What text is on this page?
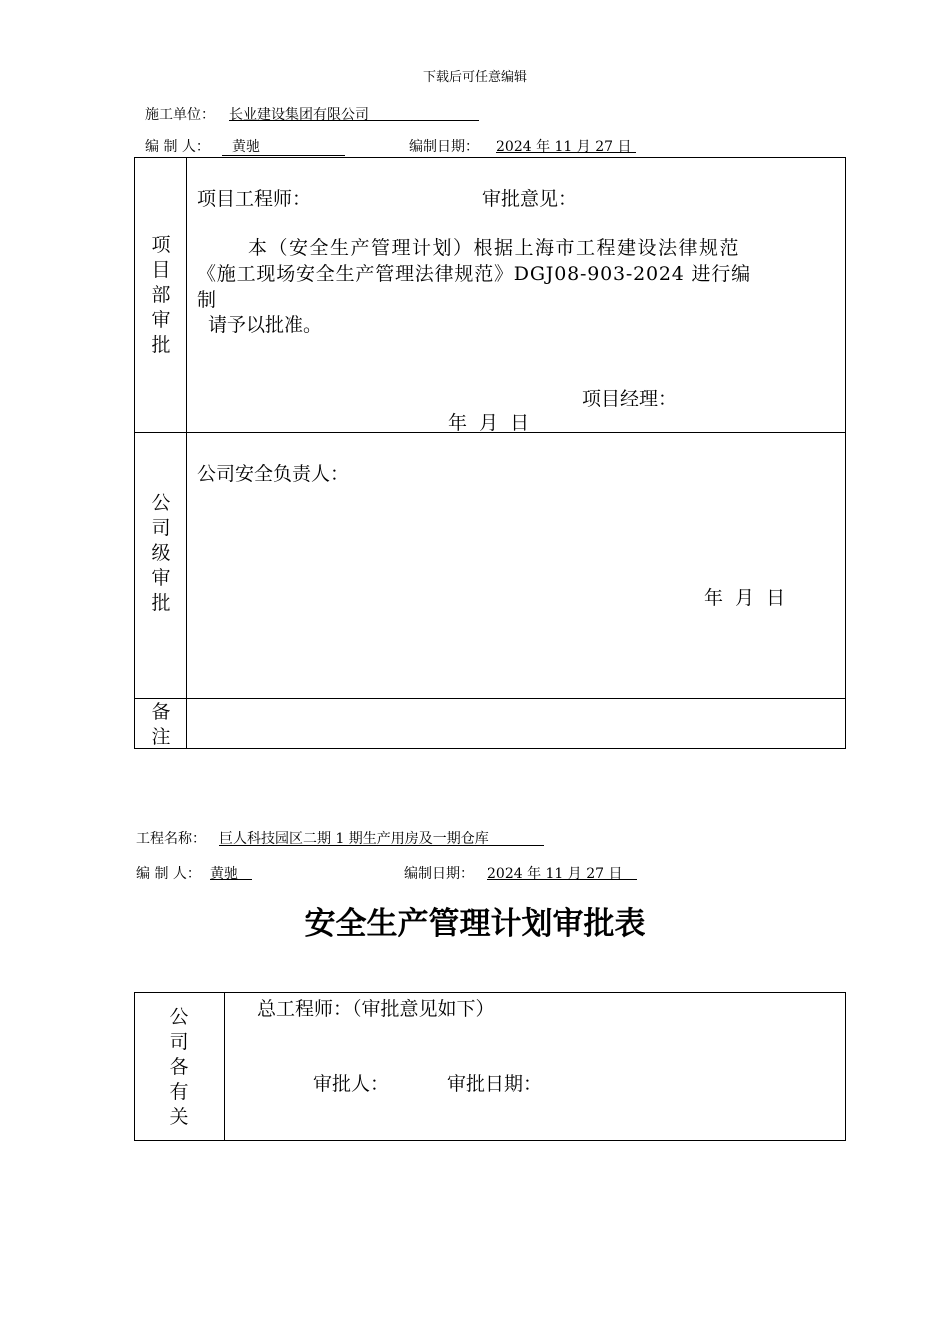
下载后可任意编辑
施工单位： 长业建设集团有限公司
编 制 人： 黄驰	编制日期： 2024 年 11 月 27 日
项目部审批
项目工程师：	审批意见：
本（安全生产管理计划）根据上海市工程建设法律规范
《施工现场安全生产管理法律规范》DGJ08-903-2024 进行编
制
请予以批准。
项目经理：
年  月  日
公司级审批
公司安全负责人：
年  月  日
备注
工程名称： 巨人科技园区二期 1 期生产用房及一期仓库
编 制 人： 黄驰	编制日期： 2024 年 11 月 27 日
安全生产管理计划审批表
公司各有关
总工程师：（审批意见如下）
审批人：	审批日期：
